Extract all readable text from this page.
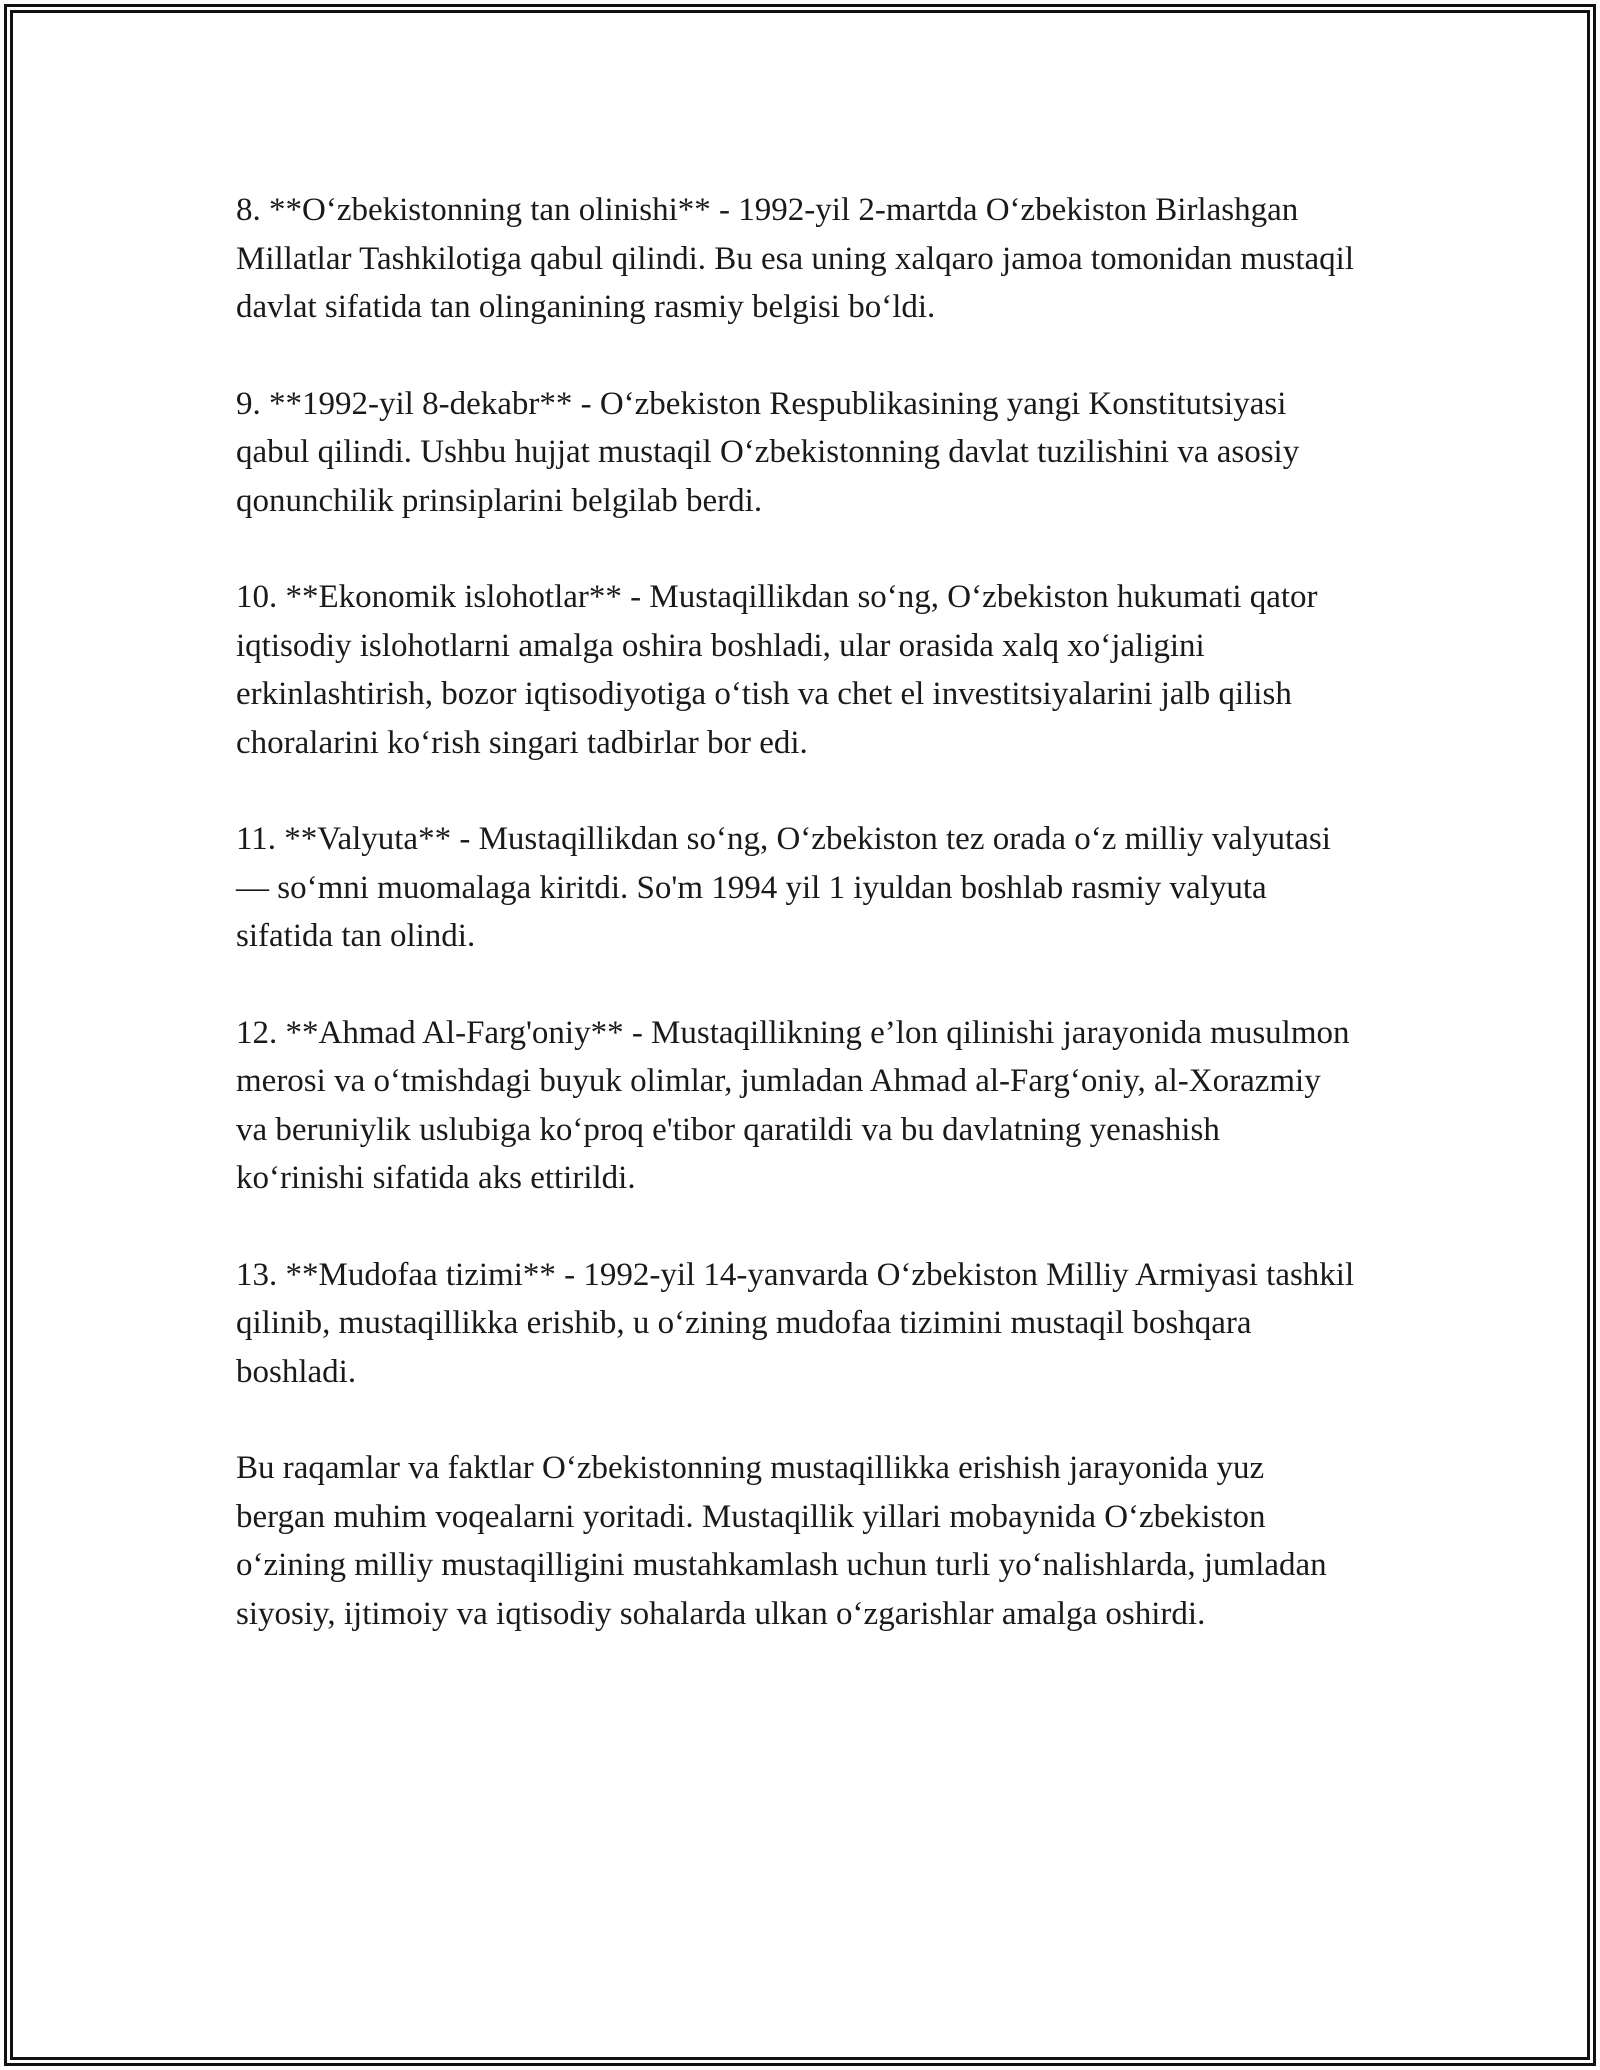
8. **O‘zbekistonning tan olinishi** - 1992-yil 2-martda O‘zbekiston Birlashgan Millatlar Tashkilotiga qabul qilindi. Bu esa uning xalqaro jamoa tomonidan mustaqil davlat sifatida tan olinganining rasmiy belgisi bo‘ldi.

9. **1992-yil 8-dekabr** - O‘zbekiston Respublikasining yangi Konstitutsiyasi qabul qilindi. Ushbu hujjat mustaqil O‘zbekistonning davlat tuzilishini va asosiy qonunchilik prinsiplarini belgilab berdi.

10. **Ekonomik islohotlar** - Mustaqillikdan so‘ng, O‘zbekiston hukumati qator iqtisodiy islohotlarni amalga oshira boshladi, ular orasida xalq xo‘jaligini erkinlashtirish, bozor iqtisodiyotiga o‘tish va chet el investitsiyalarini jalb qilish choralarini ko‘rish singari tadbirlar bor edi.

11. **Valyuta** - Mustaqillikdan so‘ng, O‘zbekiston tez orada o‘z milliy valyutasi — so‘mni muomalaga kiritdi. So'm 1994 yil 1 iyuldan boshlab rasmiy valyuta sifatida tan olindi.

12. **Ahmad Al-Farg'oniy** - Mustaqillikning e’lon qilinishi jarayonida musulmon merosi va o‘tmishdagi buyuk olimlar, jumladan Ahmad al-Farg‘oniy, al-Xorazmiy va beruniylik uslubiga ko‘proq e'tibor qaratildi va bu davlatning yenashish ko‘rinishi sifatida aks ettirildi.

13. **Mudofaa tizimi** - 1992-yil 14-yanvarda O‘zbekiston Milliy Armiyasi tashkil qilinib, mustaqillikka erishib, u o‘zining mudofaa tizimini mustaqil boshqara boshladi.

Bu raqamlar va faktlar O‘zbekistonning mustaqillikka erishish jarayonida yuz bergan muhim voqealarni yoritadi. Mustaqillik yillari mobaynida O‘zbekiston o‘zining milliy mustaqilligini mustahkamlash uchun turli yo‘nalishlarda, jumladan siyosiy, ijtimoiy va iqtisodiy sohalarda ulkan o‘zgarishlar amalga oshirdi.
